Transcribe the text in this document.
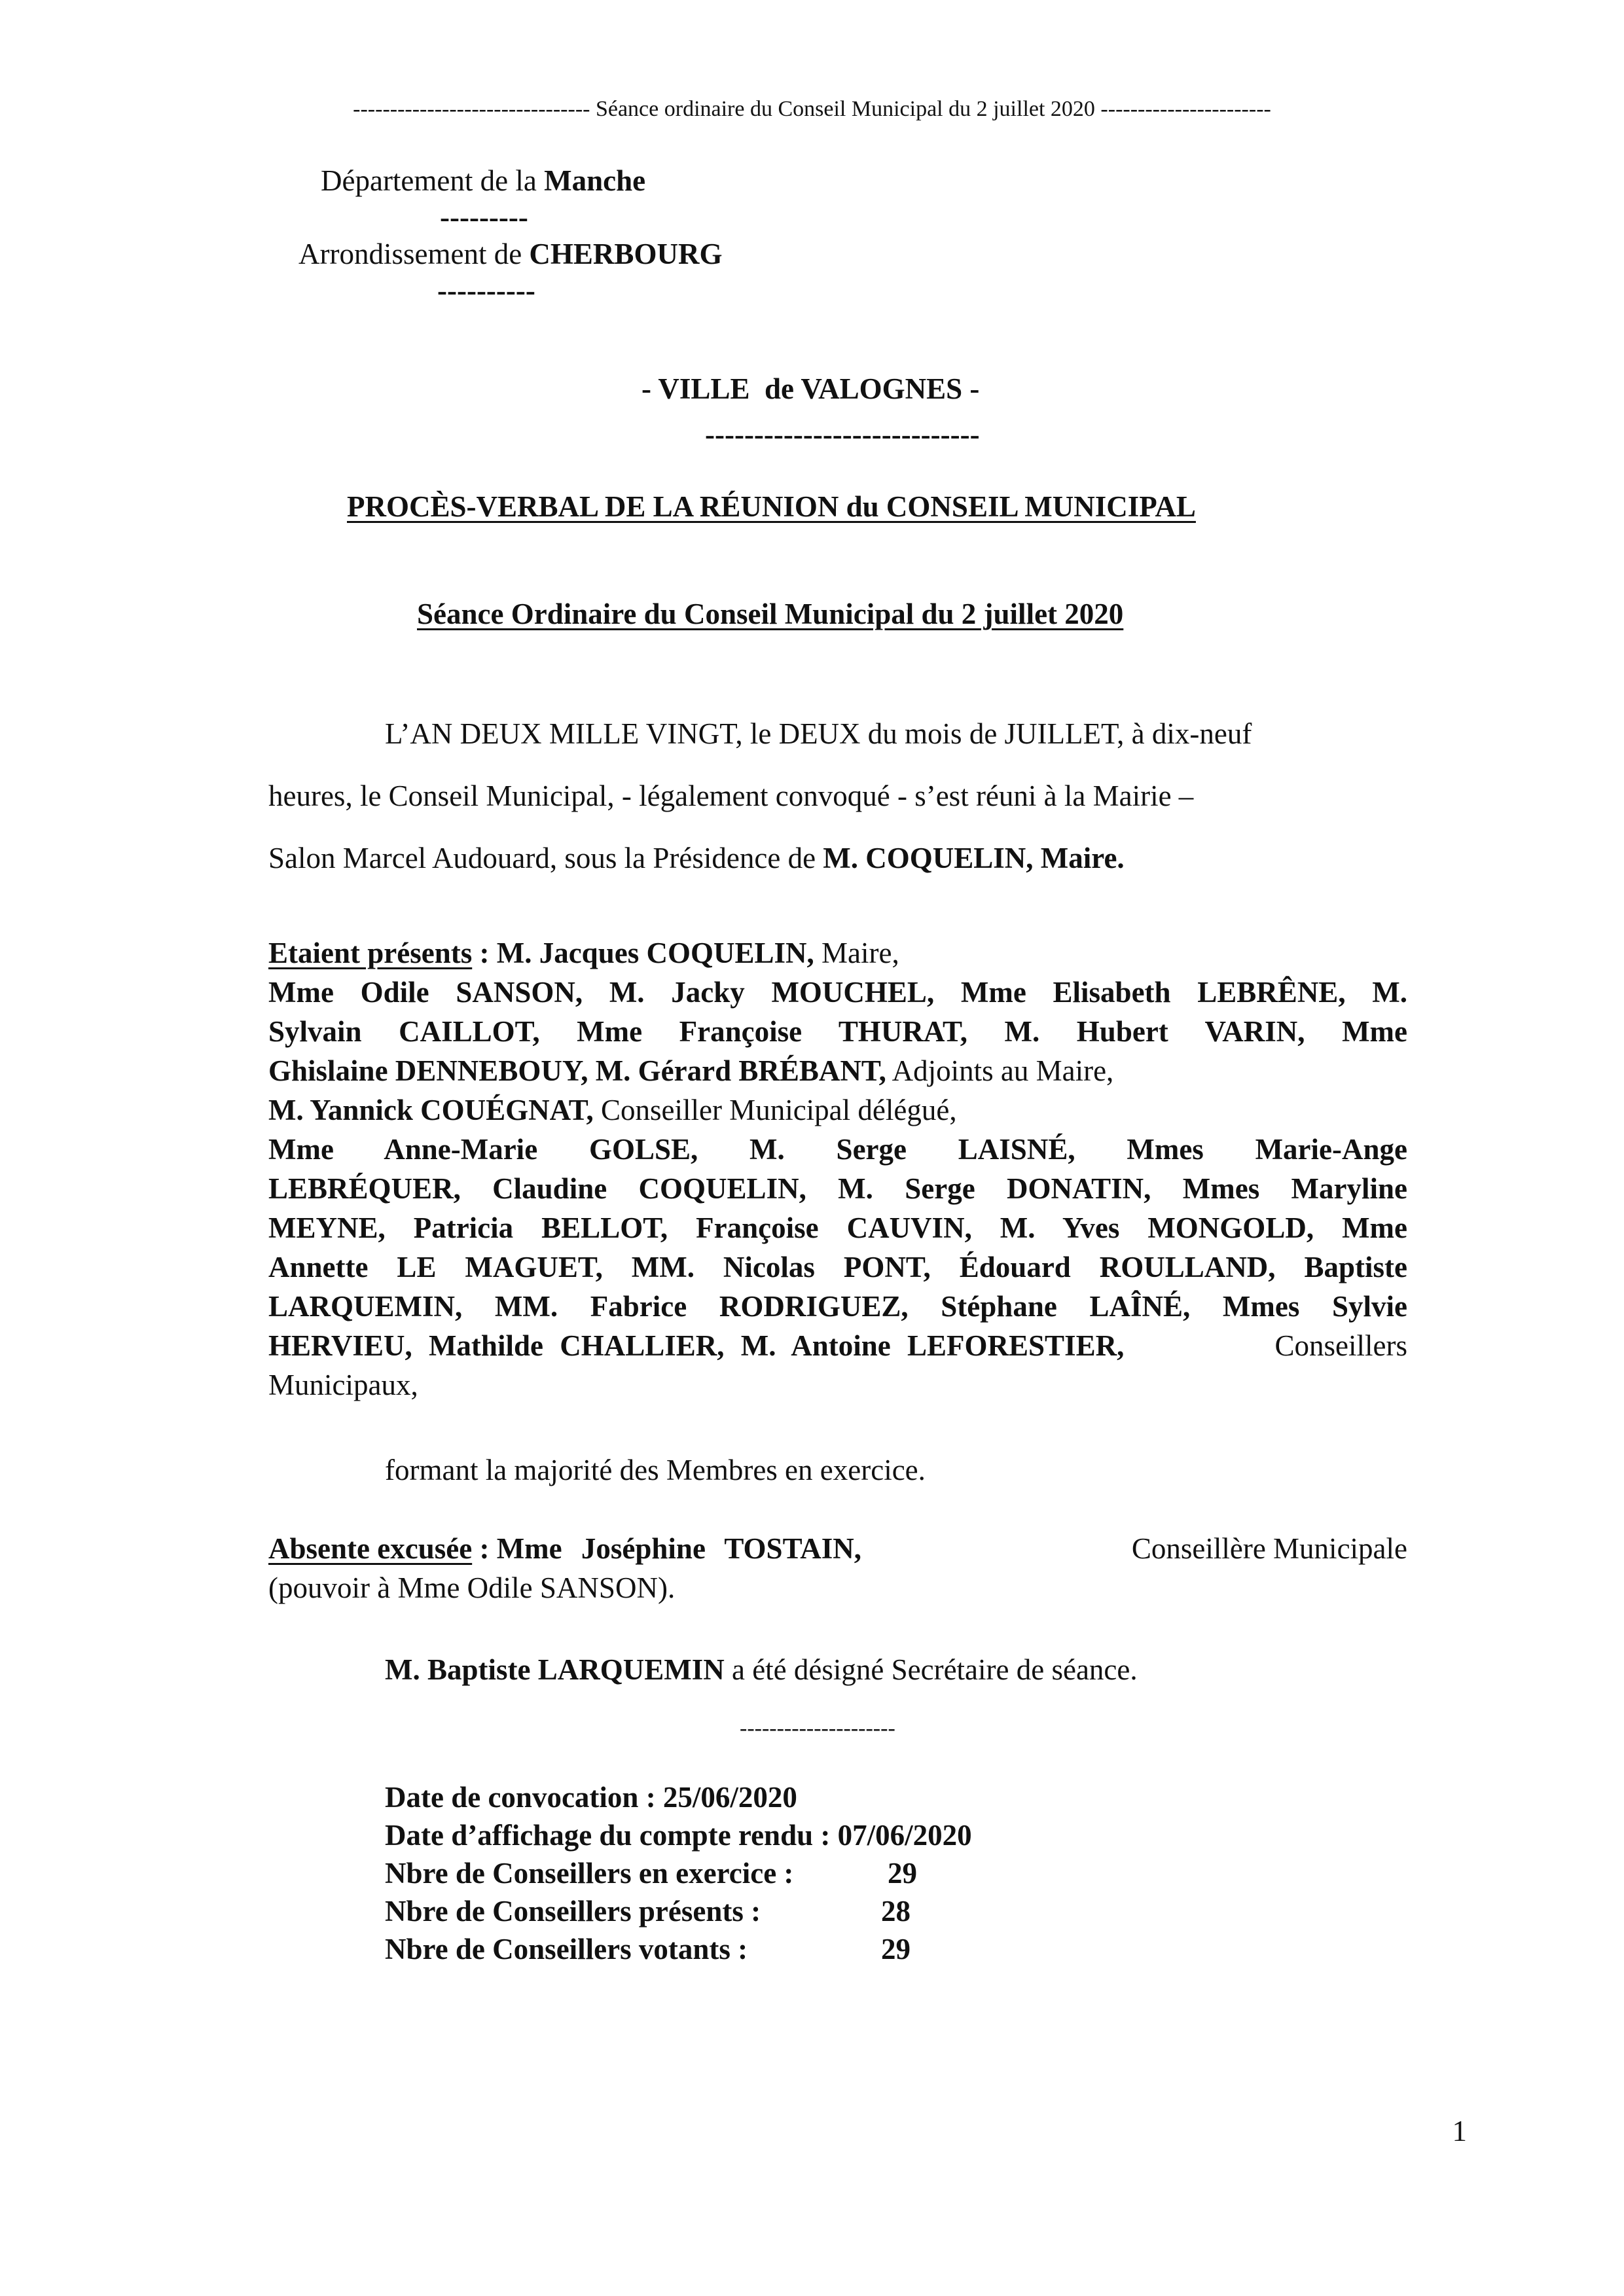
-------------------------------- Séance ordinaire du Conseil Municipal du 2 juillet 2020 -----------------------
Département de la Manche
---------
Arrondissement de CHERBOURG
----------
- VILLE  de VALOGNES -
----------------------------
PROCÈS-VERBAL DE LA RÉUNION du CONSEIL MUNICIPAL
Séance Ordinaire du Conseil Municipal du 2 juillet 2020
L’AN DEUX MILLE VINGT, le DEUX du mois de JUILLET, à dix-neuf
heures, le Conseil Municipal, - légalement convoqué - s’est réuni à la Mairie –
Salon Marcel Audouard, sous la Présidence de M. COQUELIN, Maire.
Etaient présents : M. Jacques COQUELIN, Maire,
Mme Odile SANSON, M. Jacky MOUCHEL, Mme Elisabeth LEBRÊNE, M.
Sylvain CAILLOT, Mme Françoise THURAT, M. Hubert VARIN, Mme
Ghislaine DENNEBOUY, M. Gérard BRÉBANT, Adjoints au Maire,
M. Yannick COUÉGNAT, Conseiller Municipal délégué,
Mme Anne-Marie GOLSE, M. Serge LAISNÉ, Mmes Marie-Ange
LEBRÉQUER, Claudine COQUELIN, M. Serge DONATIN, Mmes Maryline
MEYNE, Patricia BELLOT, Françoise CAUVIN, M. Yves MONGOLD, Mme
Annette LE MAGUET, MM. Nicolas PONT, Édouard ROULLAND, Baptiste
LARQUEMIN, MM. Fabrice RODRIGUEZ, Stéphane LAÎNÉ, Mmes Sylvie
HERVIEU, Mathilde CHALLIER, M. Antoine LEFORESTIER,	Conseillers
Municipaux,
formant la majorité des Membres en exercice.
Absente excusée : Mme Joséphine TOSTAIN,	Conseillère Municipale
(pouvoir à Mme Odile SANSON).
M. Baptiste LARQUEMIN a été désigné Secrétaire de séance.
---------------------
Date de convocation : 25/06/2020
Date d’affichage du compte rendu : 07/06/2020
Nbre de Conseillers en exercice :	29
Nbre de Conseillers présents :	28
Nbre de Conseillers votants :	29
1
